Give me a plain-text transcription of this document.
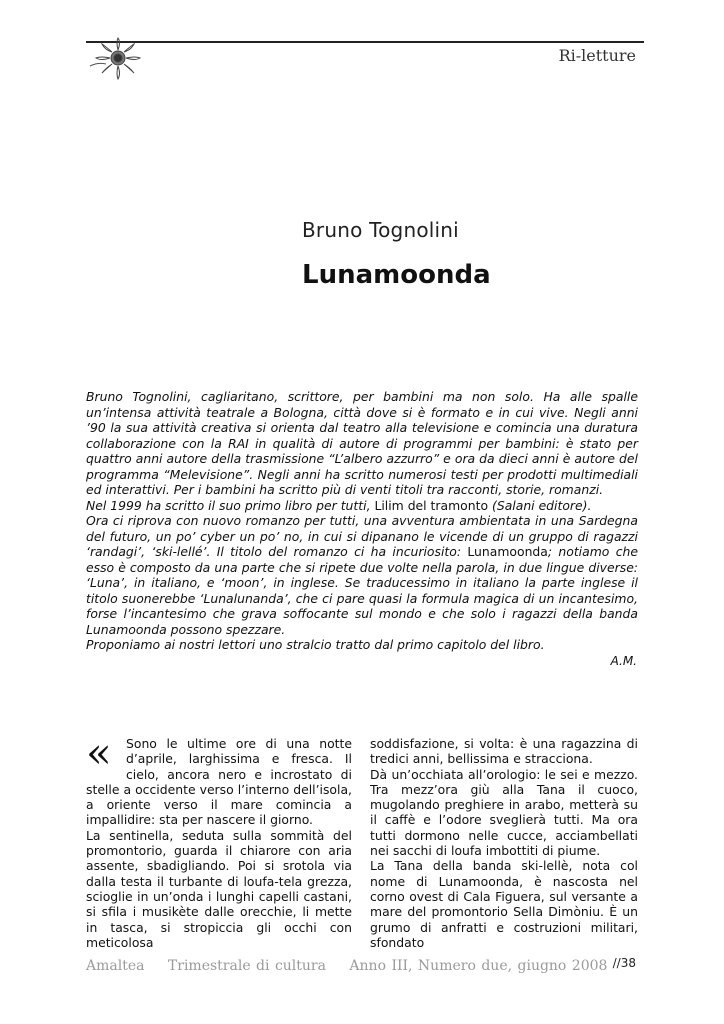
Ri-letture
Bruno Tognolini
Lunamoonda

Bruno Tognolini, cagliaritano, scrittore, per bambini ma non solo. Ha alle spalle un’intensa attività teatrale a Bologna, città dove si è formato e in cui vive. Negli anni ’90 la sua attività creativa si orienta dal teatro alla televisione e comincia una duratura collaborazione con la RAI in qualità di autore di programmi per bambini: è stato per quattro anni autore della trasmissione “L’albero azzurro” e ora da dieci anni è autore del programma “Melevisione”. Negli anni ha scritto numerosi testi per prodotti multimediali ed interattivi. Per i bambini ha scritto più di venti titoli tra racconti, storie, romanzi.

Nel 1999 ha scritto il suo primo libro per tutti, Lilim del tramonto (Salani editore).

Ora ci riprova con nuovo romanzo per tutti, una avventura ambientata in una Sardegna del futuro, un po’ cyber un po’ no, in cui si dipanano le vicende di un gruppo di ragazzi ‘randagi’, ‘ski-lellé’. Il titolo del romanzo ci ha incuriosito: Lunamoonda; notiamo che esso è composto da una parte che si ripete due volte nella parola, in due lingue diverse: ‘Luna’, in italiano, e ‘moon’, in inglese. Se traducessimo in italiano la parte inglese il titolo suonerebbe ‘Lunalunanda’, che ci pare quasi la formula magica di un incantesimo, forse l’incantesimo che grava soffocante sul mondo e che solo i ragazzi della banda Lunamoonda possono spezzare.

Proponiamo ai nostri lettori uno stralcio tratto dal primo capitolo del libro.

A.M.

«	Sono le ultime ore di una notte d’aprile, larghissima e fresca. Il cielo, ancora nero e incrostato di stelle a occidente verso l’interno dell’isola, a oriente verso il mare comincia a impallidire: sta per nascere il giorno.

La sentinella, seduta sulla sommità del promontorio, guarda il chiarore con aria assente, sbadigliando. Poi si srotola via dalla testa il turbante di loufa-tela grezza, scioglie in un’onda i lunghi capelli castani, si sfila i musikète dalle orecchie, li mette in tasca, si stropiccia gli occhi con meticolosa

soddisfazione, si volta: è una ragazzina di tredici anni, bellissima e stracciona.

Dà un’occhiata all’orologio: le sei e mezzo. Tra mezz’ora giù alla Tana il cuoco, mugolando preghiere in arabo, metterà su il caffè e l’odore sveglierà tutti. Ma ora tutti dormono nelle cucce, acciambellati nei sacchi di loufa imbottiti di piume.

La Tana della banda ski-lellè, nota col nome di Lunamoonda, è nascosta nel corno ovest di Cala Figuera, sul versante a mare del promontorio Sella Dimòniu. È un grumo di anfratti e costruzioni militari, sfondato

Amaltea Trimestrale di cultura Anno III, Numero due, giugno 2008 //38
